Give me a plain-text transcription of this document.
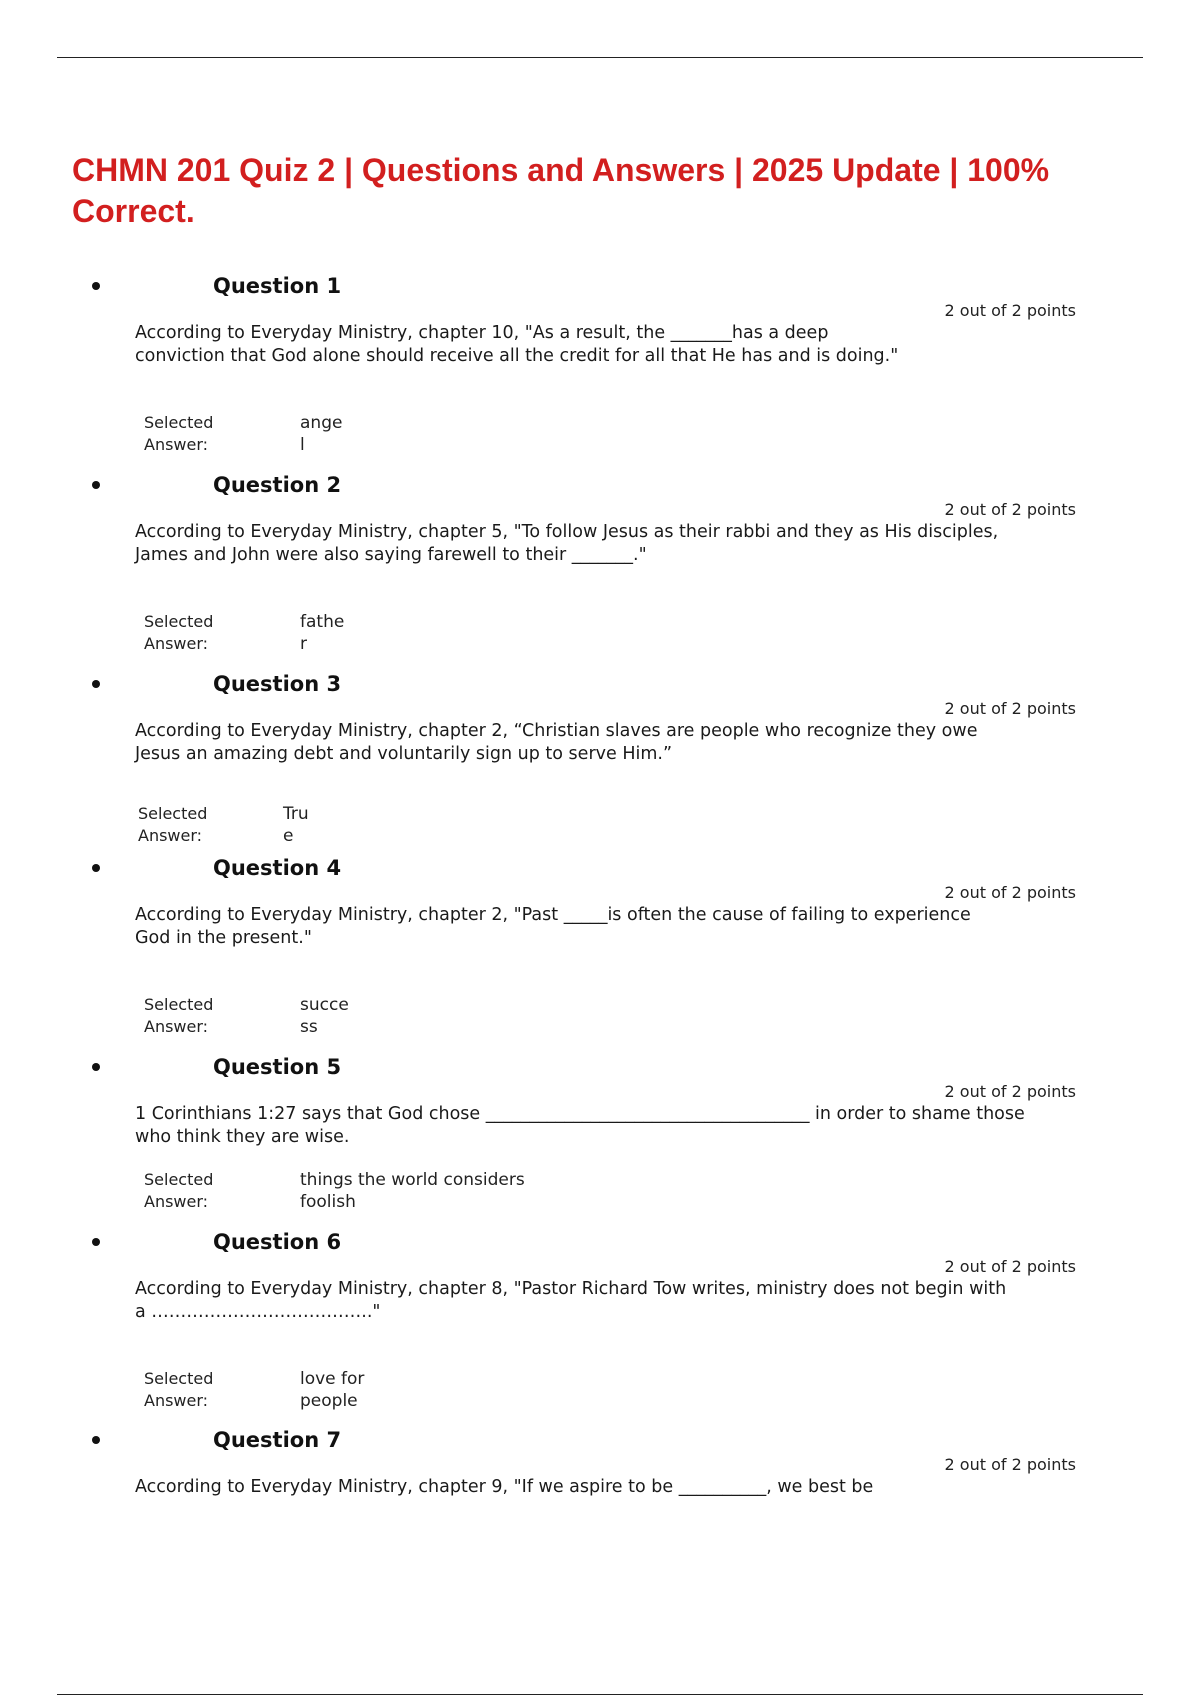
CHMN 201 Quiz 2 | Questions and Answers | 2025 Update | 100% Correct.
Question 1
2 out of 2 points
According to Everyday Ministry, chapter 10, "As a result, the _______has a deep conviction that God alone should receive all the credit for all that He has and is doing."
Selected
Answer:
angel
Question 2
2 out of 2 points
According to Everyday Ministry, chapter 5, "To follow Jesus as their rabbi and they as His disciples, James and John were also saying farewell to their _______."
Selected
Answer:
father
Question 3
2 out of 2 points
According to Everyday Ministry, chapter 2, “Christian slaves are people who recognize they owe Jesus an amazing debt and voluntarily sign up to serve Him.”
Selected
Answer:
True
Question 4
2 out of 2 points
According to Everyday Ministry, chapter 2, "Past _____is often the cause of failing to experience God in the present."
Selected
Answer:
success
Question 5
2 out of 2 points
1 Corinthians 1:27 says that God chose _____________________________________ in order to shame those who think they are wise.
Selected
Answer:
things the world considers foolish
Question 6
2 out of 2 points
According to Everyday Ministry, chapter 8, "Pastor Richard Tow writes, ministry does not begin with a ……………………………….."
Selected
Answer:
love for people
Question 7
2 out of 2 points
According to Everyday Ministry, chapter 9, "If we aspire to be __________, we best be
